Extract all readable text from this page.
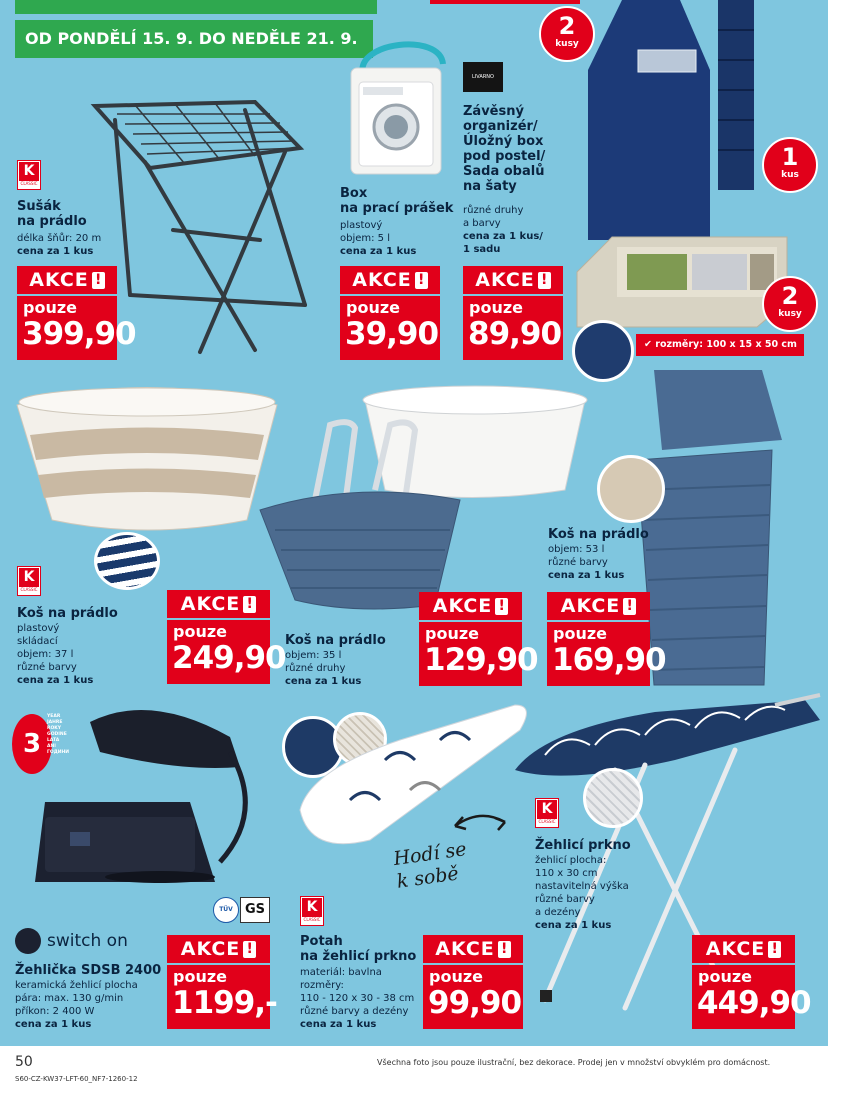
OD PONDĚLÍ 15. 9. DO NEDĚLE 21. 9.
K
CLASSIC
Sušák
na prádlo
délka šňůr: 20 m
cena za 1 kus
AKCE !
pouze
399,90
Box
na prací prášek
plastový
objem: 5 l
cena za 1 kus
AKCE !
pouze
39,90
LIVARNO
Závěsný
organizér/
Úložný box
pod postel/
Sada obalů
na šaty
různé druhy
a barvy
cena za 1 kus/
1 sadu
AKCE !
pouze
89,90
2
kusy
1
kus
2
kusy
✔ rozměry: 100 x 15 x 50 cm
K
CLASSIC
Koš na prádlo
plastový
skládací
objem: 37 l
různé barvy
cena za 1 kus
AKCE !
pouze
249,90 Koš na prádlo
objem: 35 l
různé druhy
cena za 1 kus
AKCE !
pouze
129,90
Koš na prádlo
objem: 53 l
různé barvy
cena za 1 kus
AKCE !
pouze
169,90
3
YEAR JAHRE ROKY GODINE LATA ANI ГОДИНИ
TÜV GS
switch on
Žehlička SDSB 2400
keramická žehlicí plocha
pára: max. 130 g/min
příkon: 2 400 W
cena za 1 kus
AKCE !
pouze
1199,-
Hodí se
k sobě
K
CLASSIC
Potah
na žehlicí prkno
materiál: bavlna
rozměry:
110 - 120 x 30 - 38 cm
různé barvy a dezény
cena za 1 kus
AKCE !
pouze
99,90
K
CLASSIC
Žehlicí prkno
žehlicí plocha:
110 x 30 cm
nastavitelná výška
různé barvy
a dezény
cena za 1 kus
AKCE !
pouze
449,90
50	Všechna foto jsou pouze ilustrační, bez dekorace. Prodej jen v množství obvyklém pro domácnost.
S60-CZ-KW37-LFT-60_NF7-1260-12
